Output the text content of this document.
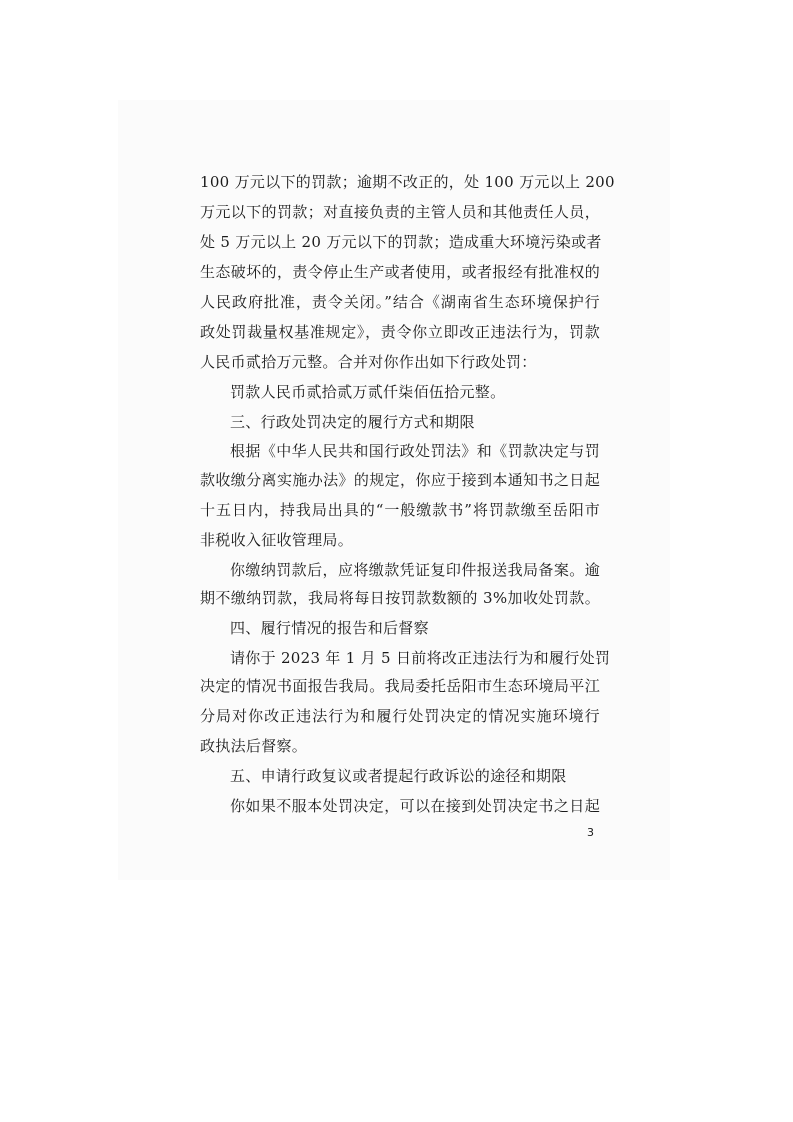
100 万元以下的罚款；逾期不改正的，处 100 万元以上 200
万元以下的罚款；对直接负责的主管人员和其他责任人员，
处 5 万元以上 20 万元以下的罚款；造成重大环境污染或者
生态破坏的，责令停止生产或者使用，或者报经有批准权的
人民政府批准，责令关闭。”结合《湖南省生态环境保护行
政处罚裁量权基准规定》，责令你立即改正违法行为，罚款
人民币贰拾万元整。合并对你作出如下行政处罚：
罚款人民币贰拾贰万贰仟柒佰伍拾元整。
三、行政处罚决定的履行方式和期限
根据《中华人民共和国行政处罚法》和《罚款决定与罚
款收缴分离实施办法》的规定，你应于接到本通知书之日起
十五日内，持我局出具的“一般缴款书”将罚款缴至岳阳市
非税收入征收管理局。
你缴纳罚款后，应将缴款凭证复印件报送我局备案。逾
期不缴纳罚款，我局将每日按罚款数额的 3%加收处罚款。
四、履行情况的报告和后督察
请你于 2023 年 1 月 5 日前将改正违法行为和履行处罚
决定的情况书面报告我局。我局委托岳阳市生态环境局平江
分局对你改正违法行为和履行处罚决定的情况实施环境行
政执法后督察。
五、申请行政复议或者提起行政诉讼的途径和期限
你如果不服本处罚决定，可以在接到处罚决定书之日起
3
